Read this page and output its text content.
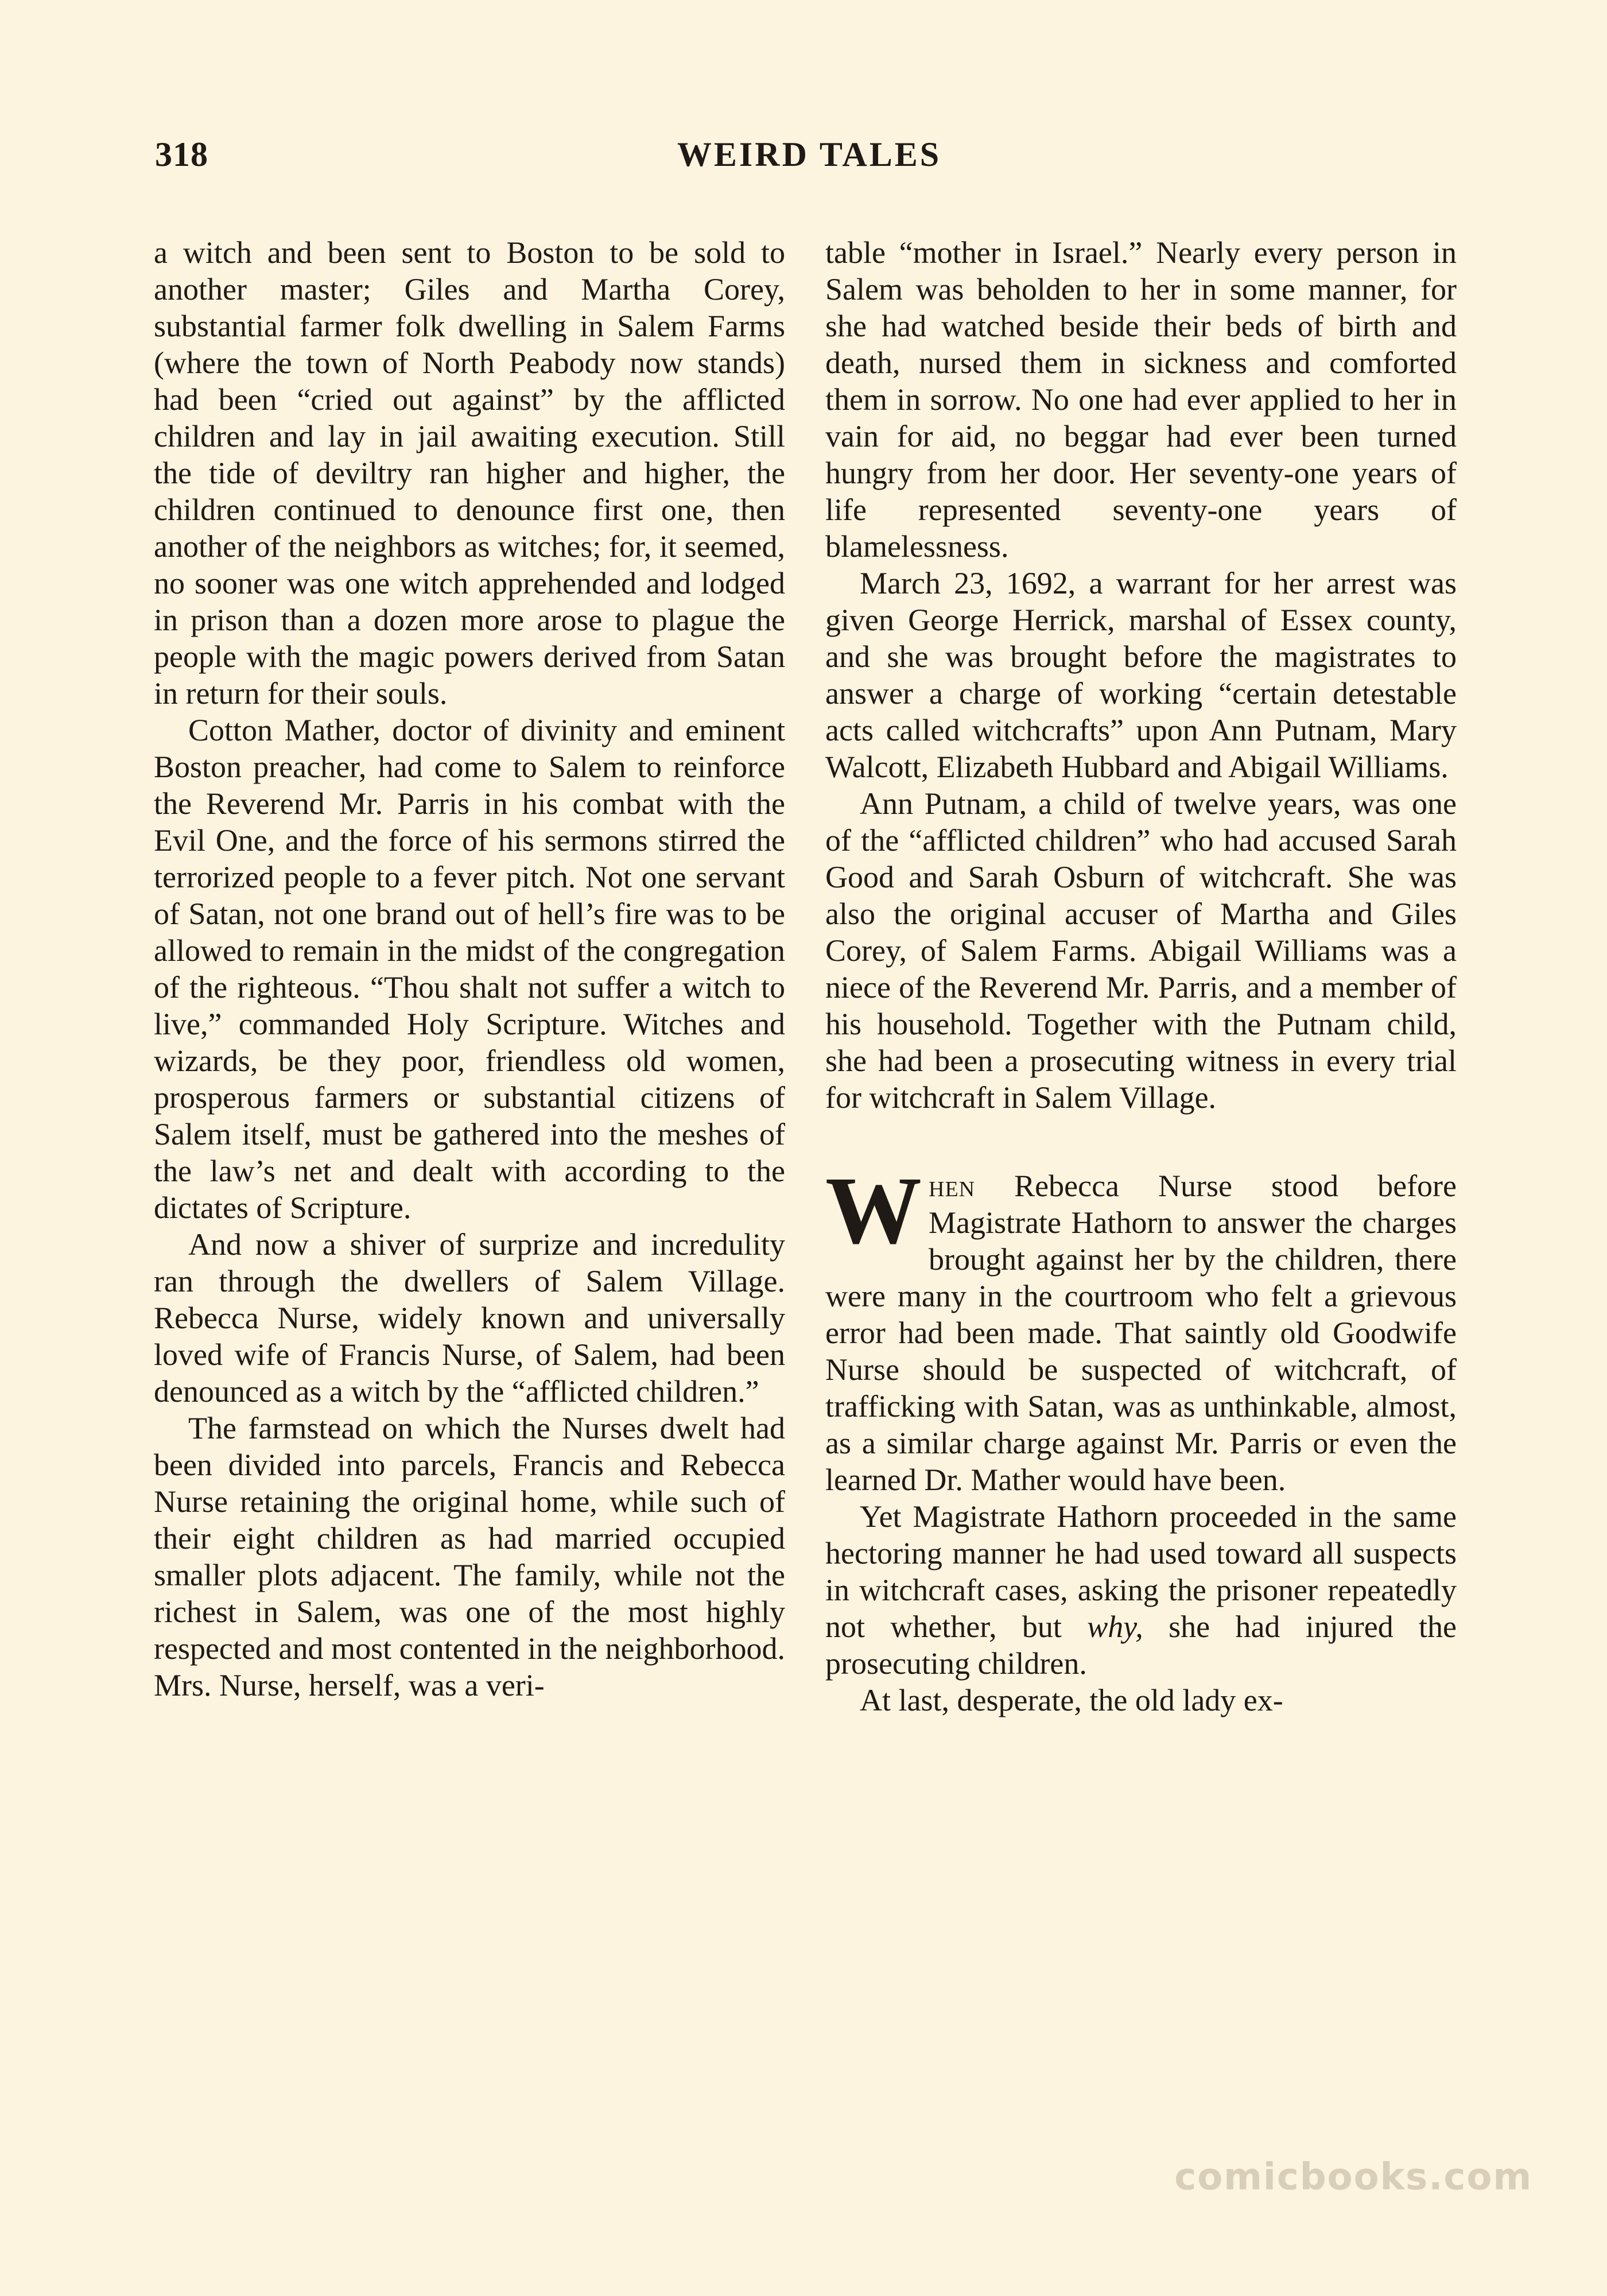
318	WEIRD TALES

a witch and been sent to Boston to be sold to another master; Giles and Martha Corey, substantial farmer folk dwelling in Salem Farms (where the town of North Peabody now stands) had been “cried out against” by the afflicted children and lay in jail awaiting execution. Still the tide of deviltry ran higher and higher, the children continued to denounce first one, then another of the neighbors as witches; for, it seemed, no sooner was one witch apprehended and lodged in prison than a dozen more arose to plague the people with the magic powers derived from Satan in return for their souls.

Cotton Mather, doctor of divinity and eminent Boston preacher, had come to Salem to reinforce the Reverend Mr. Parris in his combat with the Evil One, and the force of his sermons stirred the terrorized people to a fever pitch. Not one servant of Satan, not one brand out of hell’s fire was to be allowed to remain in the midst of the congregation of the righteous. “Thou shalt not suffer a witch to live,” commanded Holy Scripture. Witches and wizards, be they poor, friendless old women, prosperous farmers or substantial citizens of Salem itself, must be gathered into the meshes of the law’s net and dealt with according to the dictates of Scripture.

And now a shiver of surprize and incredulity ran through the dwellers of Salem Village. Rebecca Nurse, widely known and universally loved wife of Francis Nurse, of Salem, had been denounced as a witch by the “afflicted children.”

The farmstead on which the Nurses dwelt had been divided into parcels, Francis and Rebecca Nurse retaining the original home, while such of their eight children as had married occupied smaller plots adjacent. The family, while not the richest in Salem, was one of the most highly respected and most contented in the neighborhood. Mrs. Nurse, herself, was a veri-

table “mother in Israel.” Nearly every person in Salem was beholden to her in some manner, for she had watched beside their beds of birth and death, nursed them in sickness and comforted them in sorrow. No one had ever applied to her in vain for aid, no beggar had ever been turned hungry from her door. Her seventy-one years of life represented seventy-one years of blamelessness.

March 23, 1692, a warrant for her arrest was given George Herrick, marshal of Essex county, and she was brought before the magistrates to answer a charge of working “certain detestable acts called witchcrafts” upon Ann Putnam, Mary Walcott, Elizabeth Hubbard and Abigail Williams.

Ann Putnam, a child of twelve years, was one of the “afflicted children” who had accused Sarah Good and Sarah Osburn of witchcraft. She was also the original accuser of Martha and Giles Corey, of Salem Farms. Abigail Williams was a niece of the Reverend Mr. Parris, and a member of his household. Together with the Putnam child, she had been a prosecuting witness in every trial for witchcraft in Salem Village.

When Rebecca Nurse stood before Magistrate Hathorn to answer the charges brought against her by the children, there were many in the courtroom who felt a grievous error had been made. That saintly old Goodwife Nurse should be suspected of witchcraft, of trafficking with Satan, was as unthinkable, almost, as a similar charge against Mr. Parris or even the learned Dr. Mather would have been.

Yet Magistrate Hathorn proceeded in the same hectoring manner he had used toward all suspects in witchcraft cases, asking the prisoner repeatedly not whether, but why, she had injured the prosecuting children.

At last, desperate, the old lady ex-

comicbooks.com
